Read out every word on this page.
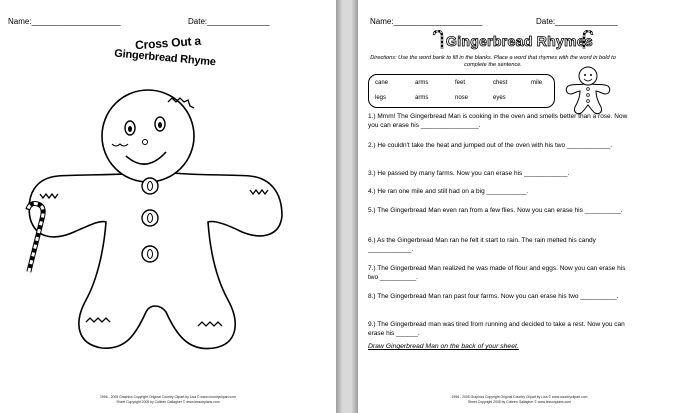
Name:____________________	Date:______________
Cross Out a
Gingerbread Rhyme
1996 - 2005 Graphics Copyright Original Country Clipart by Lisa © www.countryclipart.com
Sheet Copyright 2005 by Colleen Gallagher © www.lessonplans.com
Name:____________________	Date:______________
Gingerbread Rhymes
Directions: Use the word bank to fill in the blanks. Place a word that rhymes with the word in bold to complete the sentence.
cane	arms	feet	chest	mile
legs	arms	nose	eyes
1.) Mmm! The Gingerbread Man is cooking in the oven and smells better than a rose. Now you can erase his ________________.
2.) He couldn't take the heat and jumped out of the oven with his two ____________.
3.) He passed by many farms. Now you can erase his ____________.
4.) He ran one mile and still had on a big ___________.
5.) The Gingerbread Man even ran from a few flies. Now you can erase his __________.
6.) As the Gingerbread Man ran he felt it start to rain. The rain melted his candy ____________.
7.) The Gingerbread Man realized he was made of flour and eggs. Now you can erase his two __________.
8.) The Gingerbread Man ran past four farms. Now you can erase his two __________.
9.) The Gingerbread man was tired from running and decided to take a rest. Now you can erase his ______.
Draw Gingerbread Man on the back of your sheet.
1996 - 2005 Graphics Copyright Original Country Clipart by Lisa © www.countryclipart.com
Sheet Copyright 2005 by Colleen Gallagher © www.lessonplans.com
